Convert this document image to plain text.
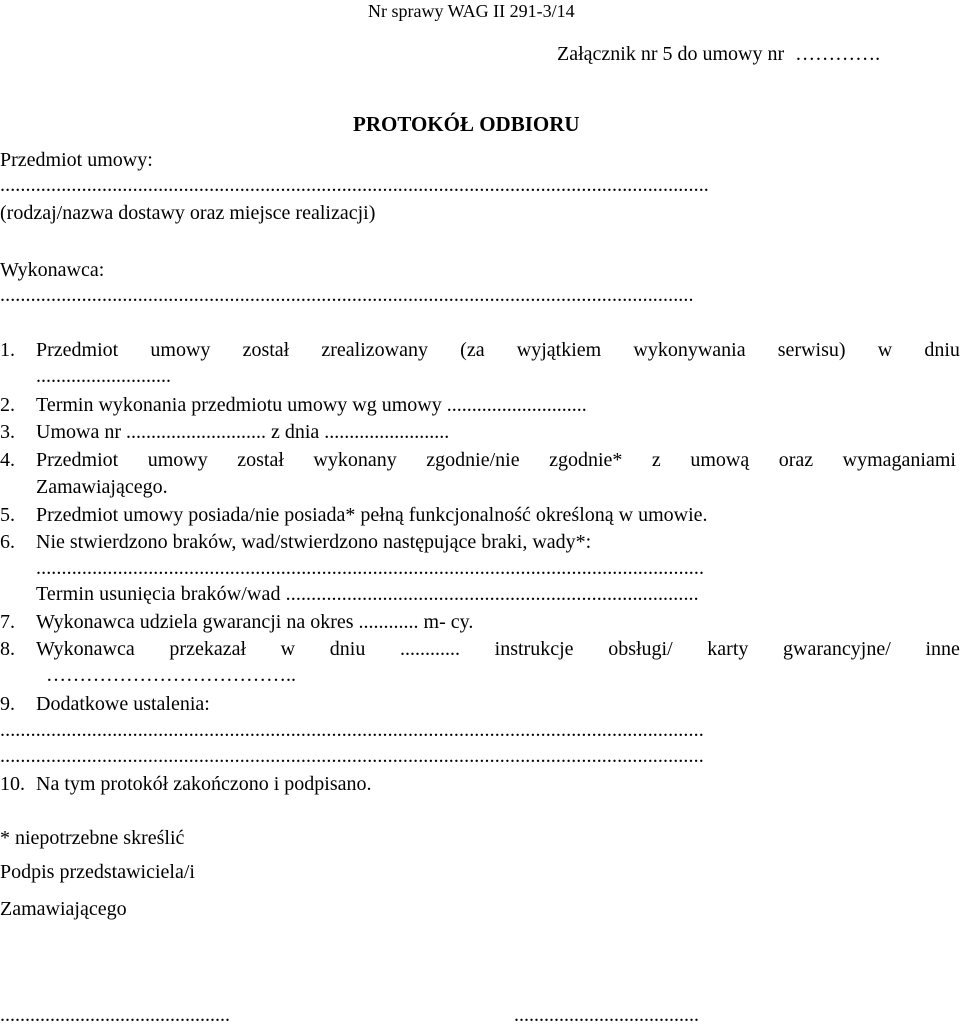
Nr sprawy WAG II 291-3/14
Załącznik nr 5 do umowy nr ………….
PROTOKÓŁ ODBIORU
Przedmiot umowy:
...........................................................................................................................................
(rodzaj/nazwa dostawy oraz miejsce realizacji)
Wykonawca:
........................................................................................................................................
1. Przedmiot umowy został zrealizowany (za wyjątkiem wykonywania serwisu) w dniu
...........................
2. Termin wykonania przedmiotu umowy wg umowy ............................
3. Umowa nr ............................ z dnia .........................
4. Przedmiot umowy został wykonany zgodnie/nie zgodnie* z umową oraz wymaganiami
Zamawiającego.
5. Przedmiot umowy posiada/nie posiada* pełną funkcjonalność określoną w umowie.
6. Nie stwierdzono braków, wad/stwierdzono następujące braki, wady*:
...................................................................................................................................
Termin usunięcia braków/wad .................................................................................
7. Wykonawca udziela gwarancji na okres ............ m- cy.
8. Wykonawca przekazał w dniu ............ instrukcje obsługi/ karty gwarancyjne/ inne
………………………………..
9. Dodatkowe ustalenia:
..........................................................................................................................................
..........................................................................................................................................
10. Na tym protokół zakończono i podpisano.
* niepotrzebne skreślić
Podpis przedstawiciela/i
Zamawiającego
..............................................	.....................................
